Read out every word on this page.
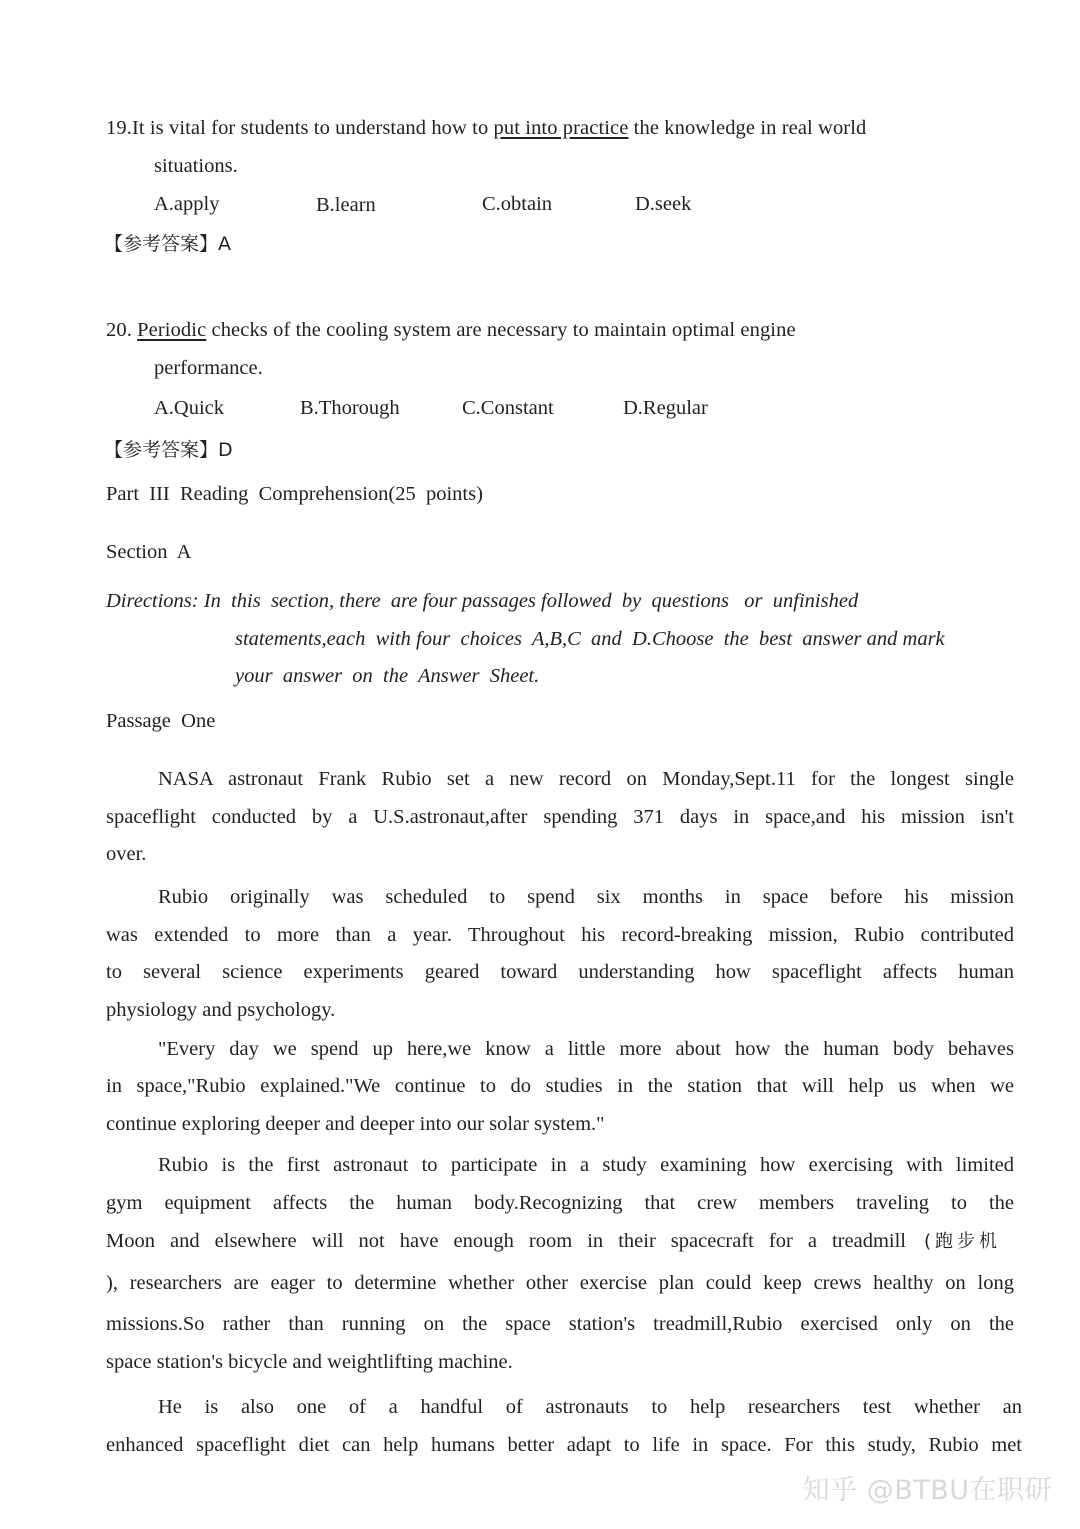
19.It is vital for students to understand how to put into practice the knowledge in real world
situations.
A.apply	B.learn	C.obtain	D.seek
【参考答案】A
20. Periodic checks of the cooling system are necessary to maintain optimal engine
performance.
A.Quick	B.Thorough	C.Constant	D.Regular
【参考答案】D
Part  III  Reading  Comprehension(25  points)
Section  A
Directions: In  this  section, there  are four passages followed  by  questions   or  unfinished
statements,each  with four  choices  A,B,C  and  D.Choose  the  best  answer and mark
your  answer  on  the  Answer  Sheet.
Passage  One
NASA astronaut Frank Rubio set a new record on Monday,Sept.11 for the longest single
spaceflight conducted by a U.S.astronaut,after spending 371 days in space,and his mission isn't
over.
Rubio originally was scheduled to spend six months in space before his mission
was extended to more than a year. Throughout his record-breaking mission, Rubio contributed
to several science experiments geared toward understanding how spaceflight affects human
physiology and psychology.
"Every day we spend up here,we know a little more about how the human body behaves
in space,"Rubio explained."We continue to do studies in the station that will help us when we
continue exploring deeper and deeper into our solar system."
Rubio is the first astronaut to participate in a study examining how exercising with limited
gym equipment affects the human body.Recognizing that crew members traveling to the
Moon and elsewhere will not have enough room in their spacecraft for a treadmill (跑步机
), researchers are eager to determine whether other exercise plan could keep crews healthy on long
missions.So rather than running on the space station's treadmill,Rubio exercised only on the
space station's bicycle and weightlifting machine.
He is also one of a handful of astronauts to help researchers test whether an
enhanced spaceflight diet can help humans better adapt to life in space. For this study, Rubio met
知乎 @BTBU在职研
